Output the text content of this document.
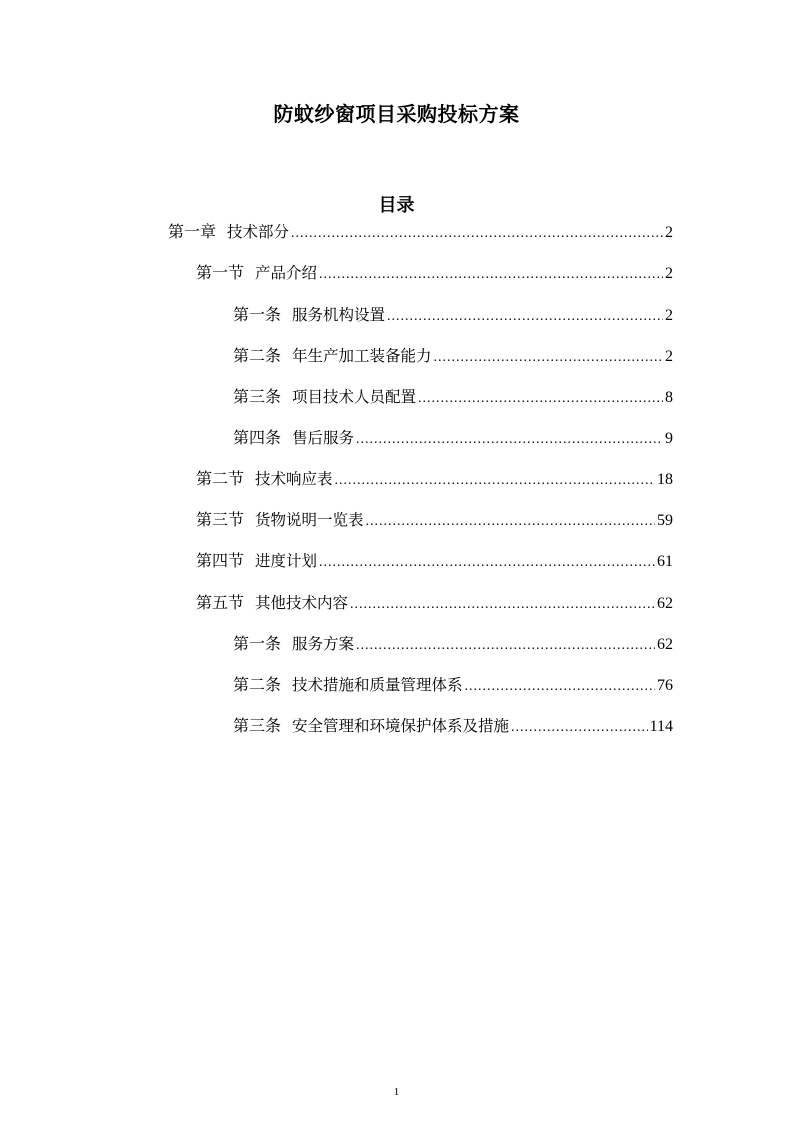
防蚊纱窗项目采购投标方案
目录
第一章 技术部分 .....	2
第一节 产品介绍 .....	2
第一条 服务机构设置 .....	2
第二条 年生产加工装备能力 .....	2
第三条 项目技术人员配置 .....	8
第四条 售后服务 .....	9
第二节 技术响应表 .....	18
第三节 货物说明一览表 .....	59
第四节 进度计划 .....	61
第五节 其他技术内容 .....	62
第一条 服务方案 .....	62
第二条 技术措施和质量管理体系 .....	76
第三条 安全管理和环境保护体系及措施 .....	114
1
